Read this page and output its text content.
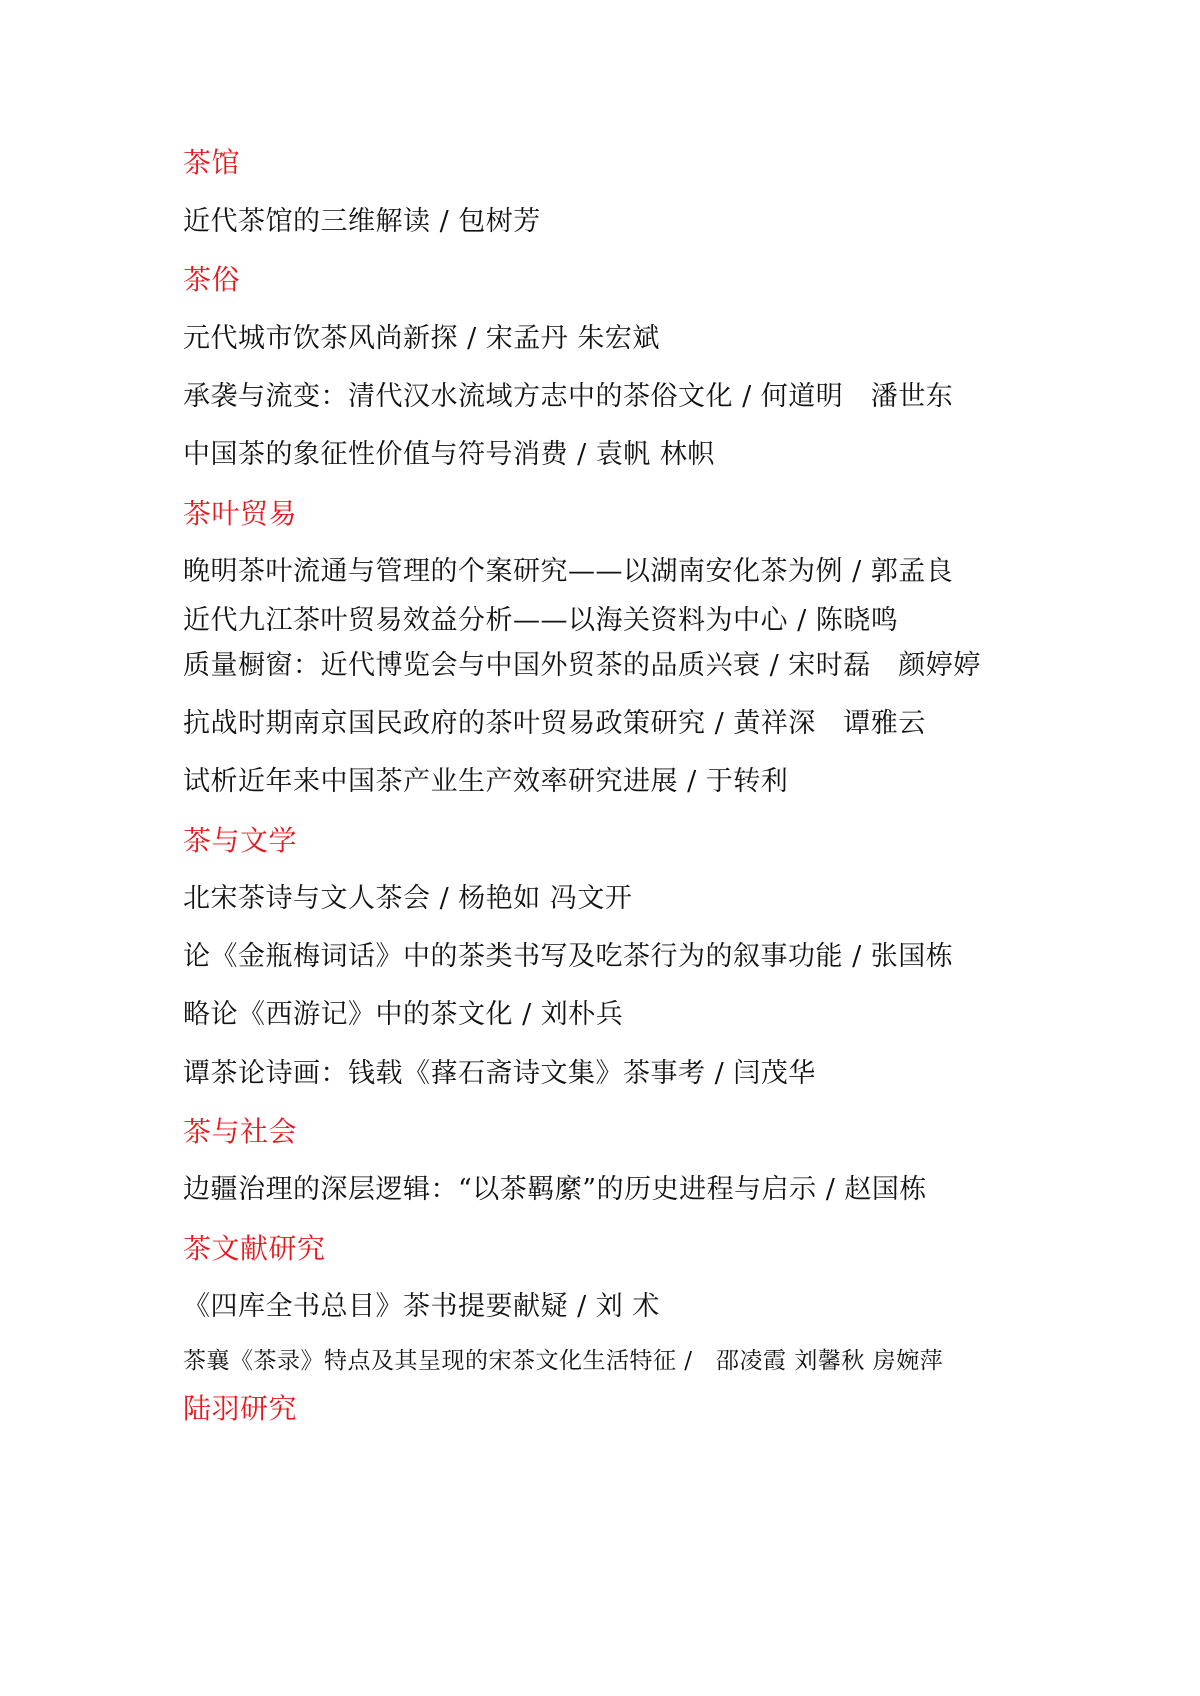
茶馆
近代茶馆的三维解读 / 包树芳
茶俗
元代城市饮茶风尚新探 / 宋孟丹 朱宏斌
承袭与流变：清代汉水流域方志中的茶俗文化 / 何道明　潘世东
中国茶的象征性价值与符号消费 / 袁帆 林帜
茶叶贸易
晚明茶叶流通与管理的个案研究——以湖南安化茶为例 / 郭孟良
近代九江茶叶贸易效益分析——以海关资料为中心 / 陈晓鸣
质量橱窗：近代博览会与中国外贸茶的品质兴衰 / 宋时磊　颜婷婷
抗战时期南京国民政府的茶叶贸易政策研究 / 黄祥深　谭雅云
试析近年来中国茶产业生产效率研究进展 / 于转利
茶与文学
北宋茶诗与文人茶会 / 杨艳如 冯文开
论《金瓶梅词话》中的茶类书写及吃茶行为的叙事功能 / 张国栋
略论《西游记》中的茶文化 / 刘朴兵
谭茶论诗画：钱载《萚石斋诗文集》茶事考 / 闫茂华
茶与社会
边疆治理的深层逻辑：“以茶羁縻”的历史进程与启示 / 赵国栋
茶文献研究
《四库全书总目》茶书提要献疑 / 刘 术
茶襄《茶录》特点及其呈现的宋茶文化生活特征 /　邵凌霞 刘馨秋 房婉萍
陆羽研究
